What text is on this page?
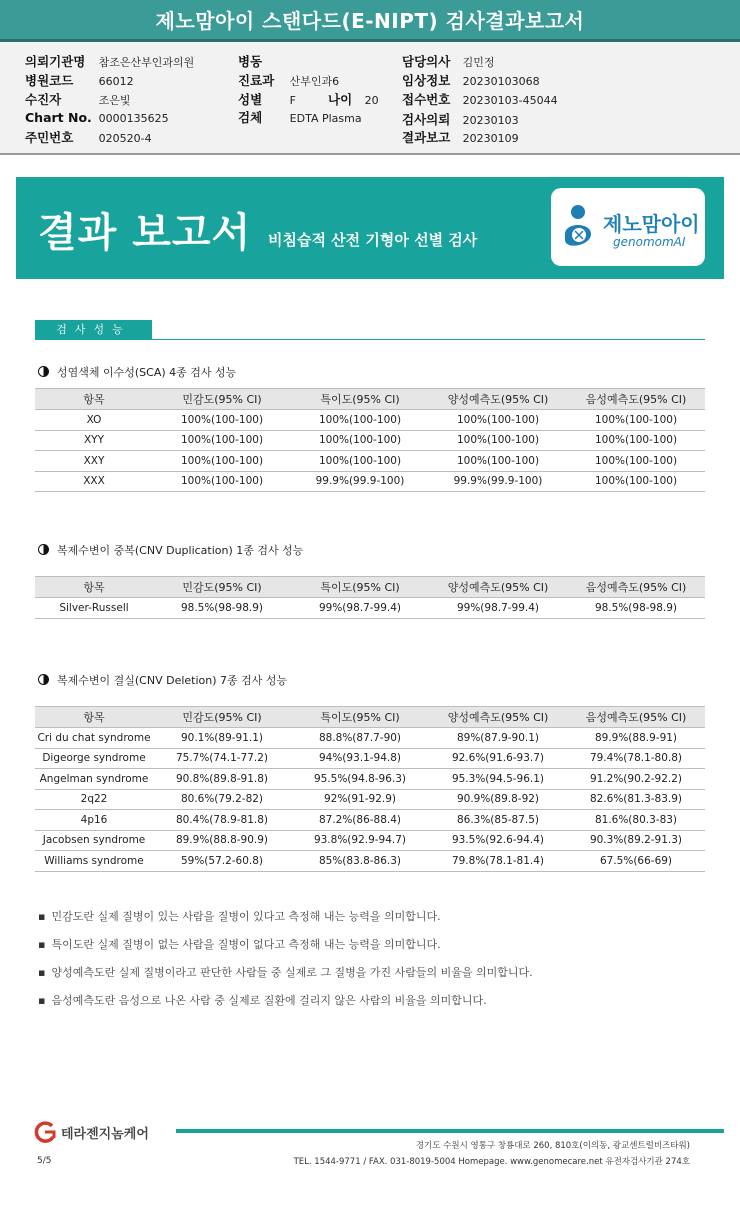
제노맘아이 스탠다드(E-NIPT) 검사결과보고서
의뢰기관명 참조은산부인과의원
병원코드 66012
수진자	조은빛
Chart No. 0000135625
주민번호 020520-4
병동
진료과 산부인과6
성별	F	나이 20
검체	EDTA Plasma
담당의사 김민정
임상정보 20230103068
접수번호 20230103-45044
검사의뢰 20230103
결과보고 20230109
결과 보고서 비침습적 산전 기형아 선별 검사
제노맘아이
genomomAI
검사성능
성염색체 이수성(SCA) 4종 검사 성능
항목	민감도(95% CI)	특이도(95% CI)	양성예측도(95% CI)	음성예측도(95% CI)
XO	100%(100-100)	100%(100-100)	100%(100-100)	100%(100-100)
XYY	100%(100-100)	100%(100-100)	100%(100-100)	100%(100-100)
XXY	100%(100-100)	100%(100-100)	100%(100-100)	100%(100-100)
XXX	100%(100-100)	99.9%(99.9-100)	99.9%(99.9-100)	100%(100-100)
복제수변이 중복(CNV Duplication) 1종 검사 성능
항목	민감도(95% CI)	특이도(95% CI)	양성예측도(95% CI)	음성예측도(95% CI)
Silver-Russell	98.5%(98-98.9)	99%(98.7-99.4)	99%(98.7-99.4)	98.5%(98-98.9)
복제수변이 결실(CNV Deletion) 7종 검사 성능
항목	민감도(95% CI)	특이도(95% CI)	양성예측도(95% CI)	음성예측도(95% CI)
Cri du chat syndrome	90.1%(89-91.1)	88.8%(87.7-90)	89%(87.9-90.1)	89.9%(88.9-91)
Digeorge syndrome	75.7%(74.1-77.2)	94%(93.1-94.8)	92.6%(91.6-93.7)	79.4%(78.1-80.8)
Angelman syndrome	90.8%(89.8-91.8)	95.5%(94.8-96.3)	95.3%(94.5-96.1)	91.2%(90.2-92.2)
2q22	80.6%(79.2-82)	92%(91-92.9)	90.9%(89.8-92)	82.6%(81.3-83.9)
4p16	80.4%(78.9-81.8)	87.2%(86-88.4)	86.3%(85-87.5)	81.6%(80.3-83)
Jacobsen syndrome	89.9%(88.8-90.9)	93.8%(92.9-94.7)	93.5%(92.6-94.4)	90.3%(89.2-91.3)
Williams syndrome	59%(57.2-60.8)	85%(83.8-86.3)	79.8%(78.1-81.4)	67.5%(66-69)
▪ 민감도란 실제 질병이 있는 사람을 질병이 있다고 측정해 내는 능력을 의미합니다.
▪ 특이도란 실제 질병이 없는 사람을 질병이 없다고 측정해 내는 능력을 의미합니다.
▪ 양성예측도란 실제 질병이라고 판단한 사람들 중 실제로 그 질병을 가진 사람들의 비율을 의미합니다.
▪ 음성예측도란 음성으로 나온 사람 중 실제로 질환에 걸리지 않은 사람의 비율을 의미합니다.
테라젠지놈케어
경기도 수원시 영통구 창룡대로 260, 810호(이의동, 광교센트럴비즈타워)
TEL. 1544-9771 / FAX. 031-8019-5004 Homepage. www.genomecare.net 유전자검사기관 274호
5/5
